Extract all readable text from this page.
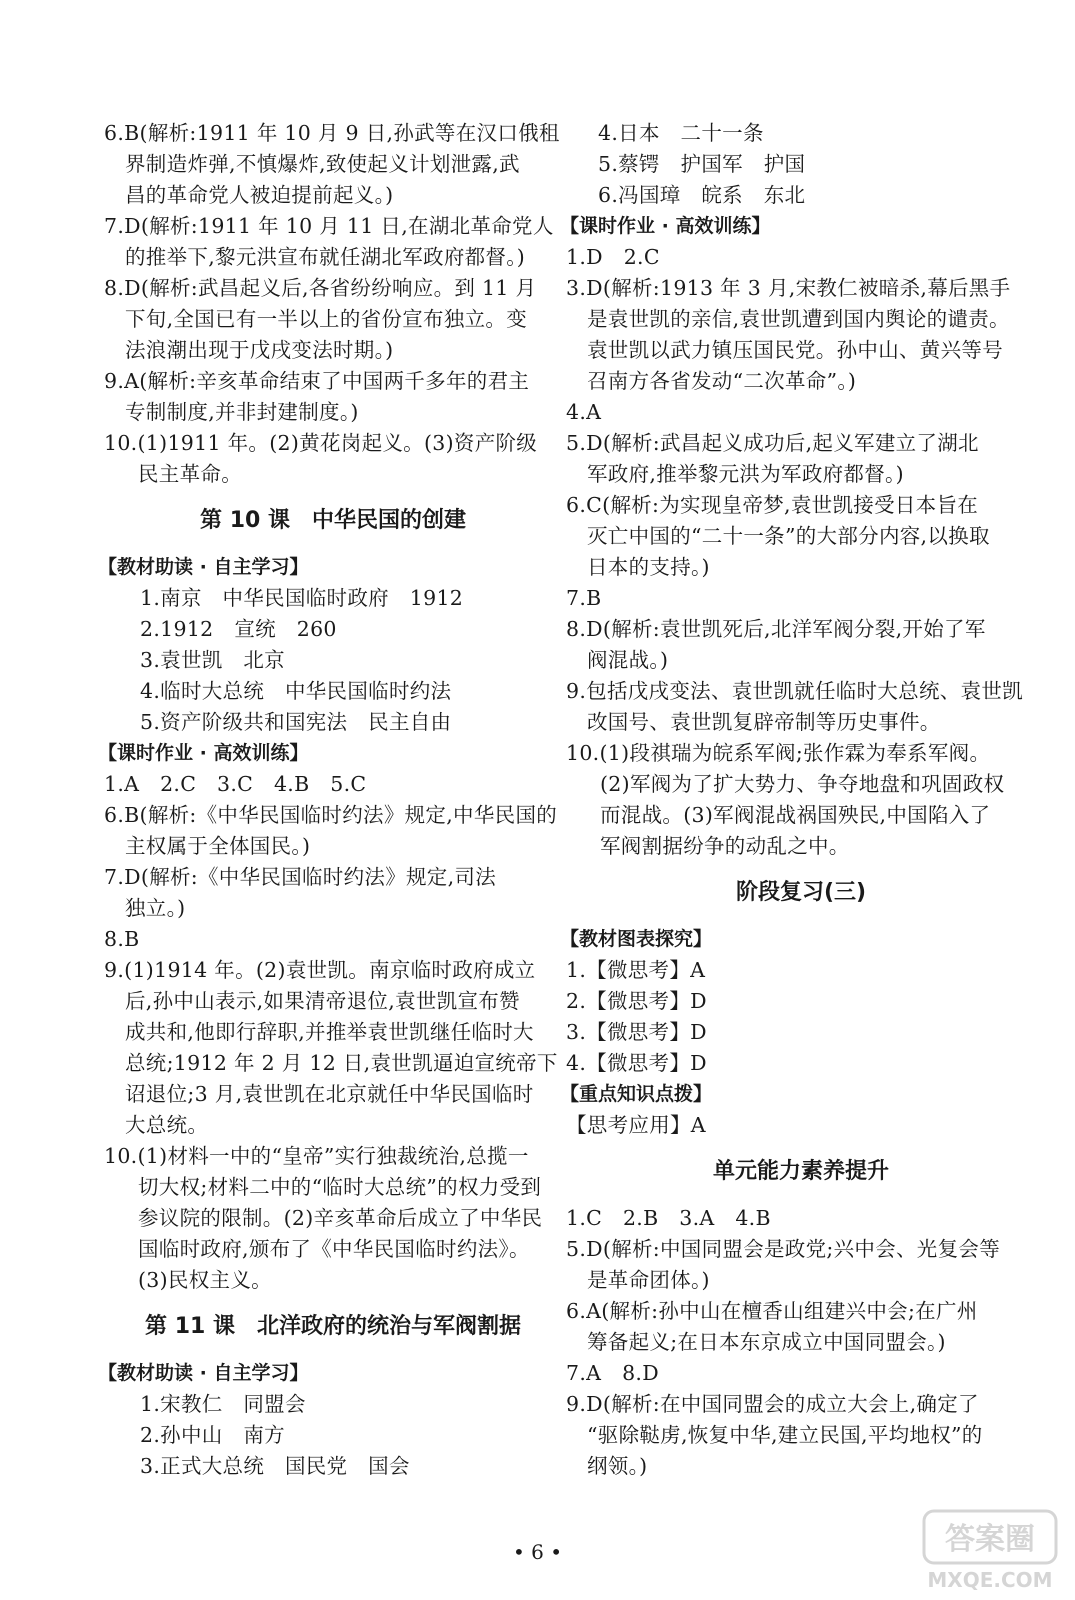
6.B(解析:1911 年 10 月 9 日,孙武等在汉口俄租
界制造炸弹,不慎爆炸,致使起义计划泄露,武
昌的革命党人被迫提前起义。)
7.D(解析:1911 年 10 月 11 日,在湖北革命党人
的推举下,黎元洪宣布就任湖北军政府都督。)
8.D(解析:武昌起义后,各省纷纷响应。到 11 月
下旬,全国已有一半以上的省份宣布独立。变
法浪潮出现于戊戌变法时期。)
9.A(解析:辛亥革命结束了中国两千多年的君主
专制制度,并非封建制度。)
10.(1)1911 年。(2)黄花岗起义。(3)资产阶级
民主革命。
第 10 课　中华民国的创建
【教材助读 · 自主学习】
1.南京　中华民国临时政府　1912
2.1912　宣统　260
3.袁世凯　北京
4.临时大总统　中华民国临时约法
5.资产阶级共和国宪法　民主自由
【课时作业 · 高效训练】
1.A　2.C　3.C　4.B　5.C
6.B(解析:《中华民国临时约法》规定,中华民国的
主权属于全体国民。)
7.D(解析:《中华民国临时约法》规定,司法
独立。)
8.B
9.(1)1914 年。(2)袁世凯。南京临时政府成立
后,孙中山表示,如果清帝退位,袁世凯宣布赞
成共和,他即行辞职,并推举袁世凯继任临时大
总统;1912 年 2 月 12 日,袁世凯逼迫宣统帝下
诏退位;3 月,袁世凯在北京就任中华民国临时
大总统。
10.(1)材料一中的“皇帝”实行独裁统治,总揽一
切大权;材料二中的“临时大总统”的权力受到
参议院的限制。(2)辛亥革命后成立了中华民
国临时政府,颁布了《中华民国临时约法》。
(3)民权主义。
第 11 课　北洋政府的统治与军阀割据
【教材助读 · 自主学习】
1.宋教仁　同盟会
2.孙中山　南方
3.正式大总统　国民党　国会
4.日本　二十一条
5.蔡锷　护国军　护国
6.冯国璋　皖系　东北
【课时作业 · 高效训练】
1.D　2.C
3.D(解析:1913 年 3 月,宋教仁被暗杀,幕后黑手
是袁世凯的亲信,袁世凯遭到国内舆论的谴责。
袁世凯以武力镇压国民党。孙中山、黄兴等号
召南方各省发动“二次革命”。)
4.A
5.D(解析:武昌起义成功后,起义军建立了湖北
军政府,推举黎元洪为军政府都督。)
6.C(解析:为实现皇帝梦,袁世凯接受日本旨在
灭亡中国的“二十一条”的大部分内容,以换取
日本的支持。)
7.B
8.D(解析:袁世凯死后,北洋军阀分裂,开始了军
阀混战。)
9.包括戊戌变法、袁世凯就任临时大总统、袁世凯
改国号、袁世凯复辟帝制等历史事件。
10.(1)段祺瑞为皖系军阀;张作霖为奉系军阀。
(2)军阀为了扩大势力、争夺地盘和巩固政权
而混战。(3)军阀混战祸国殃民,中国陷入了
军阀割据纷争的动乱之中。
阶段复习(三)
【教材图表探究】
1.【微思考】A
2.【微思考】D
3.【微思考】D
4.【微思考】D
【重点知识点拨】
【思考应用】A
单元能力素养提升
1.C　2.B　3.A　4.B
5.D(解析:中国同盟会是政党;兴中会、光复会等
是革命团体。)
6.A(解析:孙中山在檀香山组建兴中会;在广州
筹备起义;在日本东京成立中国同盟会。)
7.A　8.D
9.D(解析:在中国同盟会的成立大会上,确定了
“驱除鞑虏,恢复中华,建立民国,平均地权”的
纲领。)
• 6 •	答案圈
MXQE.COM
